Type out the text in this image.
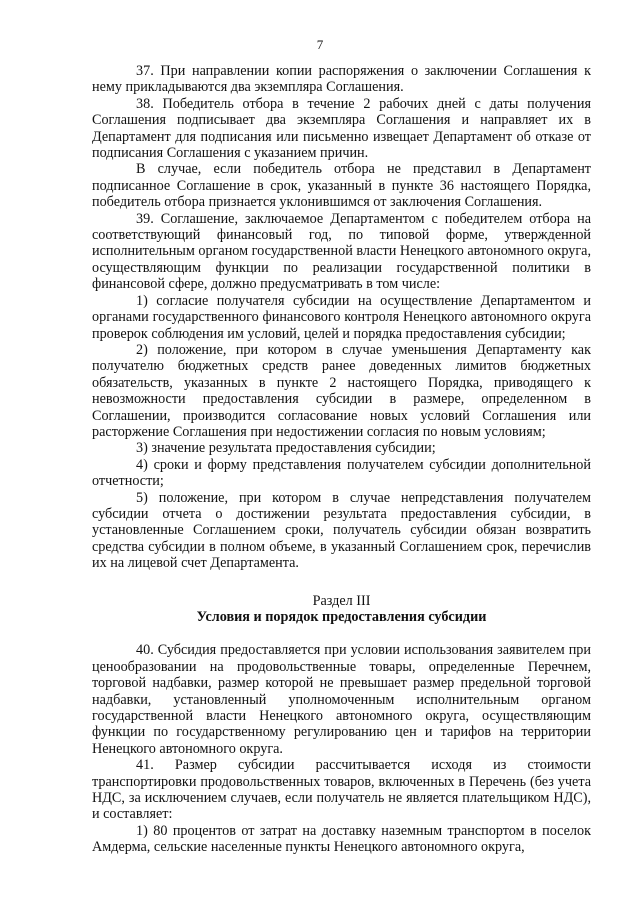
7

37. При направлении копии распоряжения о заключении Соглашения к нему прикладываются два экземпляра Соглашения.

38. Победитель отбора в течение 2 рабочих дней с даты получения Соглашения подписывает два экземпляра Соглашения и направляет их в Департамент для подписания или письменно извещает Департамент об отказе от подписания Соглашения с указанием причин.

В случае, если победитель отбора не представил в Департамент подписанное Соглашение в срок, указанный в пункте 36 настоящего Порядка, победитель отбора признается уклонившимся от заключения Соглашения.

39. Соглашение, заключаемое Департаментом с победителем отбора на соответствующий финансовый год, по типовой форме, утвержденной исполнительным органом государственной власти Ненецкого автономного округа, осуществляющим функции по реализации государственной политики в финансовой сфере, должно предусматривать в том числе:

1) согласие получателя субсидии на осуществление Департаментом и органами государственного финансового контроля Ненецкого автономного округа проверок соблюдения им условий, целей и порядка предоставления субсидии;

2) положение, при котором в случае уменьшения Департаменту как получателю бюджетных средств ранее доведенных лимитов бюджетных обязательств, указанных в пункте 2 настоящего Порядка, приводящего к невозможности предоставления субсидии в размере, определенном в Соглашении, производится согласование новых условий Соглашения или расторжение Соглашения при недостижении согласия по новым условиям;

3) значение результата предоставления субсидии;

4) сроки и форму представления получателем субсидии дополнительной отчетности;

5) положение, при котором в случае непредставления получателем субсидии отчета о достижении результата предоставления субсидии, в установленные Соглашением сроки, получатель субсидии обязан возвратить средства субсидии в полном объеме, в указанный Соглашением срок, перечислив их на лицевой счет Департамента.

Раздел III

Условия и порядок предоставления субсидии

40. Субсидия предоставляется при условии использования заявителем при ценообразовании на продовольственные товары, определенные Перечнем, торговой надбавки, размер которой не превышает размер предельной торговой надбавки, установленный уполномоченным исполнительным органом государственной власти Ненецкого автономного округа, осуществляющим функции по государственному регулированию цен и тарифов на территории Ненецкого автономного округа.

41. Размер субсидии рассчитывается исходя из стоимости транспортировки продовольственных товаров, включенных в Перечень (без учета НДС, за исключением случаев, если получатель не является плательщиком НДС), и составляет:

1) 80 процентов от затрат на доставку наземным транспортом в поселок Амдерма, сельские населенные пункты Ненецкого автономного округа,
